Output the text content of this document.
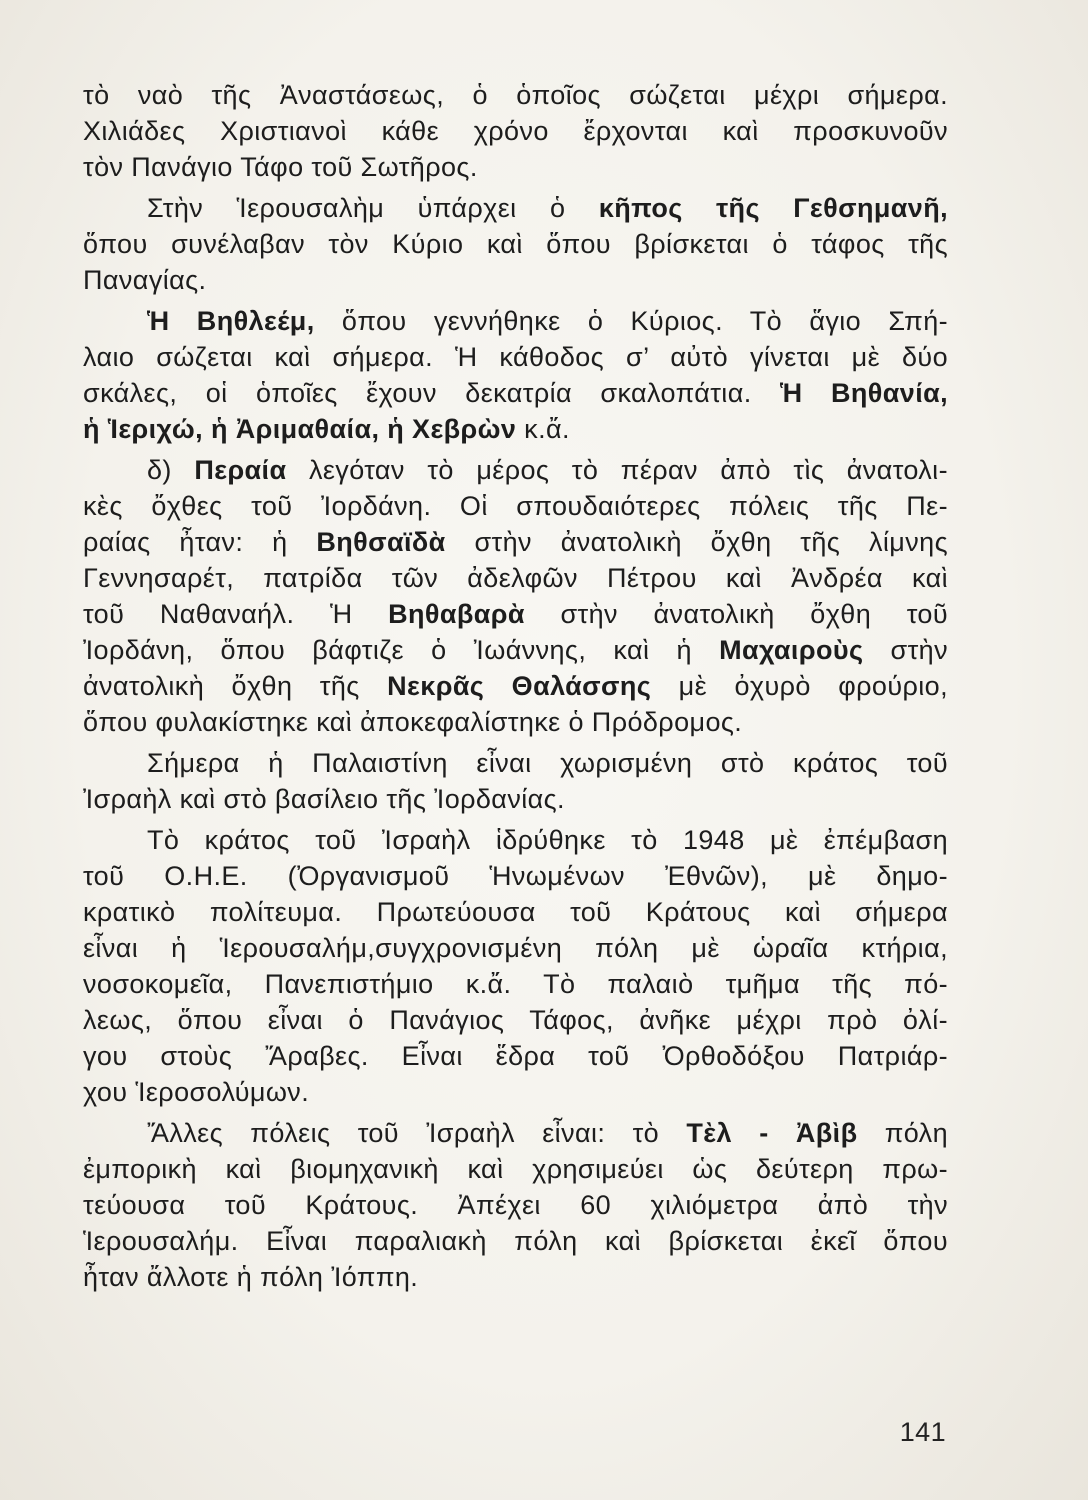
τὸ ναὸ τῆς Ἀναστάσεως, ὁ ὁποῖος σώζεται μέχρι σήμερα.
Χιλιάδες Χριστιανοὶ κάθε χρόνο ἔρχονται καὶ προσκυνοῦν
τὸν Πανάγιο Τάφο τοῦ Σωτῆρος.
Στὴν Ἱερουσαλὴμ ὑπάρχει ὁ κῆπος τῆς Γεθσημανῆ,
ὅπου συνέλαβαν τὸν Κύριο καὶ ὅπου βρίσκεται ὁ τάφος τῆς
Παναγίας.
Ἡ Βηθλεέμ, ὅπου γεννήθηκε ὁ Κύριος. Τὸ ἅγιο Σπή-
λαιο σώζεται καὶ σήμερα. Ἡ κάθοδος σ’ αὐτὸ γίνεται μὲ δύο
σκάλες, οἱ ὁποῖες ἔχουν δεκατρία σκαλοπάτια. Ἡ Βηθανία,
ἡ Ἱεριχώ, ἡ Ἀριμαθαία, ἡ Χεβρὼν κ.ἄ.
δ) Περαία λεγόταν τὸ μέρος τὸ πέραν ἀπὸ τὶς ἀνατολι-
κὲς ὄχθες τοῦ Ἰορδάνη. Οἱ σπουδαιότερες πόλεις τῆς Πε-
ραίας ἦταν: ἡ Βηθσαϊδὰ στὴν ἀνατολικὴ ὄχθη τῆς λίμνης
Γεννησαρέτ, πατρίδα τῶν ἀδελφῶν Πέτρου καὶ Ἀνδρέα καὶ
τοῦ Ναθαναήλ. Ἡ Βηθαβαρὰ στὴν ἀνατολικὴ ὄχθη τοῦ
Ἰορδάνη, ὅπου βάφτιζε ὁ Ἰωάννης, καὶ ἡ Μαχαιροὺς στὴν
ἀνατολικὴ ὄχθη τῆς Νεκρᾶς Θαλάσσης μὲ ὀχυρὸ φρούριο,
ὅπου φυλακίστηκε καὶ ἀποκεφαλίστηκε ὁ Πρόδρομος.
Σήμερα ἡ Παλαιστίνη εἶναι χωρισμένη στὸ κράτος τοῦ
Ἰσραὴλ καὶ στὸ βασίλειο τῆς Ἰορδανίας.
Τὸ κράτος τοῦ Ἰσραὴλ ἱδρύθηκε τὸ 1948 μὲ ἐπέμβαση
τοῦ Ο.Η.Ε. (Ὀργανισμοῦ Ἡνωμένων Ἐθνῶν), μὲ δημο-
κρατικὸ πολίτευμα. Πρωτεύουσα τοῦ Κράτους καὶ σήμερα
εἶναι ἡ Ἱερουσαλήμ,συγχρονισμένη πόλη μὲ ὡραῖα κτήρια,
νοσοκομεῖα, Πανεπιστήμιο κ.ἄ. Τὸ παλαιὸ τμῆμα τῆς πό-
λεως, ὅπου εἶναι ὁ Πανάγιος Τάφος, ἀνῆκε μέχρι πρὸ ὀλί-
γου στοὺς Ἄραβες. Εἶναι ἕδρα τοῦ Ὀρθοδόξου Πατριάρ-
χου Ἱεροσολύμων.
Ἄλλες πόλεις τοῦ Ἰσραὴλ εἶναι: τὸ Τὲλ - Ἀβὶβ πόλη
ἐμπορικὴ καὶ βιομηχανικὴ καὶ χρησιμεύει ὡς δεύτερη πρω-
τεύουσα τοῦ Κράτους. Ἀπέχει 60 χιλιόμετρα ἀπὸ τὴν
Ἱερουσαλήμ. Εἶναι παραλιακὴ πόλη καὶ βρίσκεται ἐκεῖ ὅπου
ἦταν ἄλλοτε ἡ πόλη Ἰόππη.
141
